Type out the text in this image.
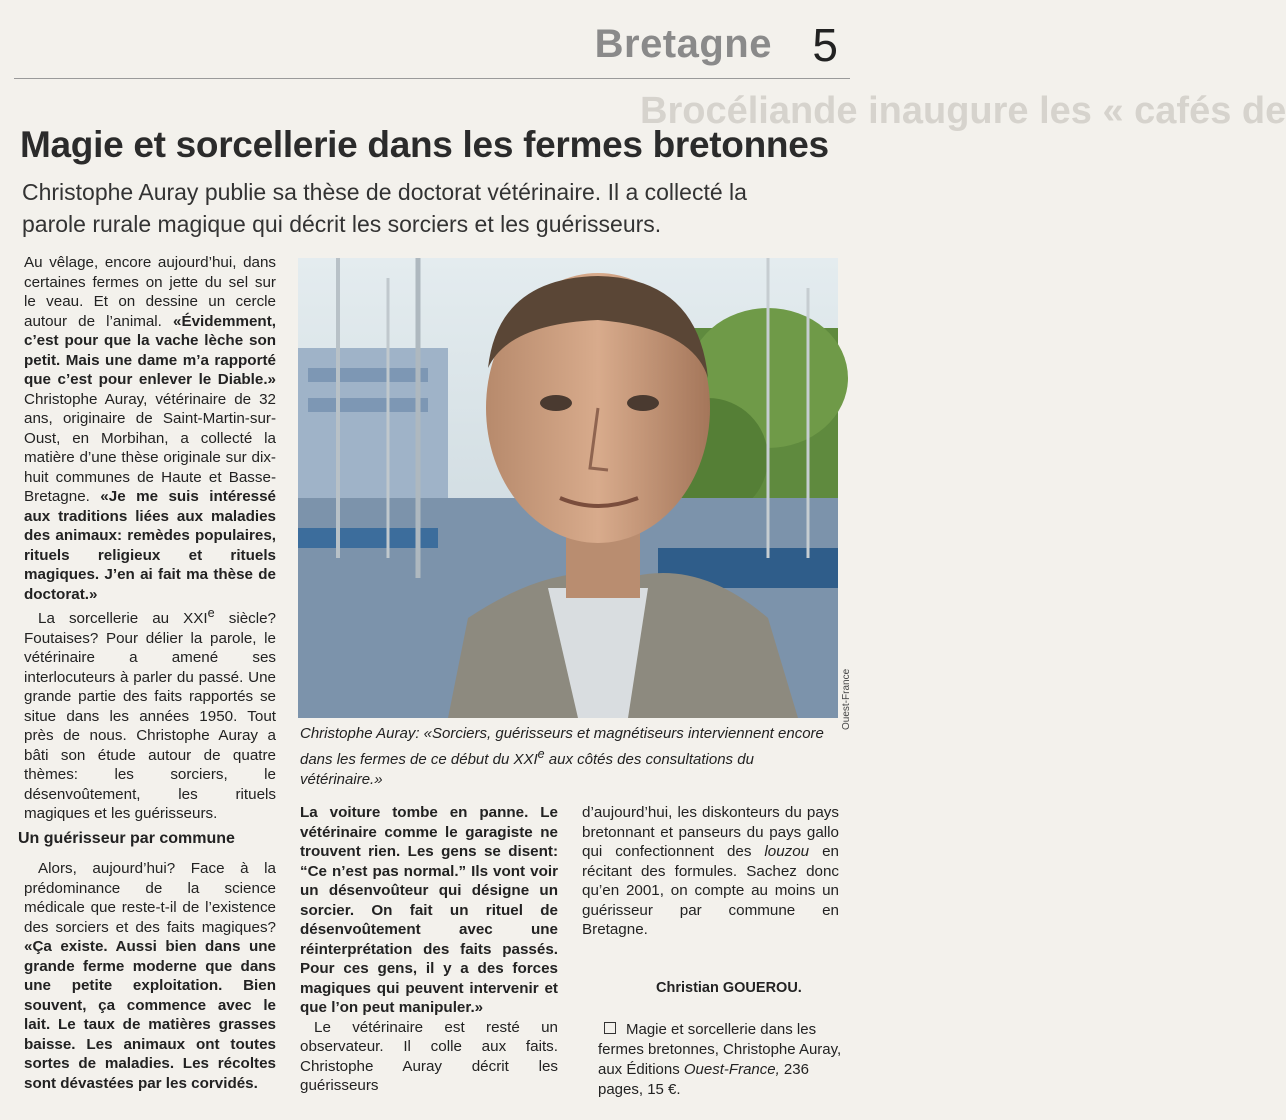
Bretagne 5
Brocéliande inaugure les « cafés de
Magie et sorcellerie dans les fermes bretonnes
Christophe Auray publie sa thèse de doctorat vétérinaire. Il a collecté la parole rurale magique qui décrit les sorciers et les guérisseurs.

Au vêlage, encore aujourd’hui, dans certaines fermes on jette du sel sur le veau. Et on dessine un cercle autour de l’animal. «Évidemment, c’est pour que la vache lèche son petit. Mais une dame m’a rapporté que c’est pour enlever le Diable.» Christophe Auray, vétérinaire de 32 ans, originaire de Saint-Martin-sur-Oust, en Morbihan, a collecté la matière d’une thèse originale sur dix-huit communes de Haute et Basse-Bretagne. «Je me suis intéressé aux traditions liées aux maladies des animaux: remèdes populaires, rituels religieux et rituels magiques. J’en ai fait ma thèse de doctorat.»

La sorcellerie au XXIe siècle? Foutaises? Pour délier la parole, le vétérinaire a amené ses interlocuteurs à parler du passé. Une grande partie des faits rapportés se situe dans les années 1950. Tout près de nous. Christophe Auray a bâti son étude autour de quatre thèmes: les sorciers, le désenvoûtement, les rituels magiques et les guérisseurs.

Un guérisseur par commune

Alors, aujourd’hui? Face à la prédominance de la science médicale que reste-t-il de l’existence des sorciers et des faits magiques? «Ça existe. Aussi bien dans une grande ferme moderne que dans une petite exploitation. Bien souvent, ça commence avec le lait. Le taux de matières grasses baisse. Les animaux ont toutes sortes de maladies. Les récoltes sont dévastées par les corvidés.

Ouest-France
Christophe Auray: «Sorciers, guérisseurs et magnétiseurs interviennent encore dans les fermes de ce début du XXIe aux côtés des consultations du vétérinaire.»

La voiture tombe en panne. Le vétérinaire comme le garagiste ne trouvent rien. Les gens se disent: “Ce n’est pas normal.” Ils vont voir un désenvoûteur qui désigne un sorcier. On fait un rituel de désenvoûtement avec une réinterprétation des faits passés. Pour ces gens, il y a des forces magiques qui peuvent intervenir et que l’on peut manipuler.»

Le vétérinaire est resté un observateur. Il colle aux faits. Christophe Auray décrit les guérisseurs

d’aujourd’hui, les diskonteurs du pays bretonnant et panseurs du pays gallo qui confectionnent des louzou en récitant des formules. Sachez donc qu’en 2001, on compte au moins un guérisseur par commune en Bretagne.

Christian GOUEROU.
Magie et sorcellerie dans les fermes bretonnes, Christophe Auray, aux Éditions Ouest-France, 236 pages, 15 €.
